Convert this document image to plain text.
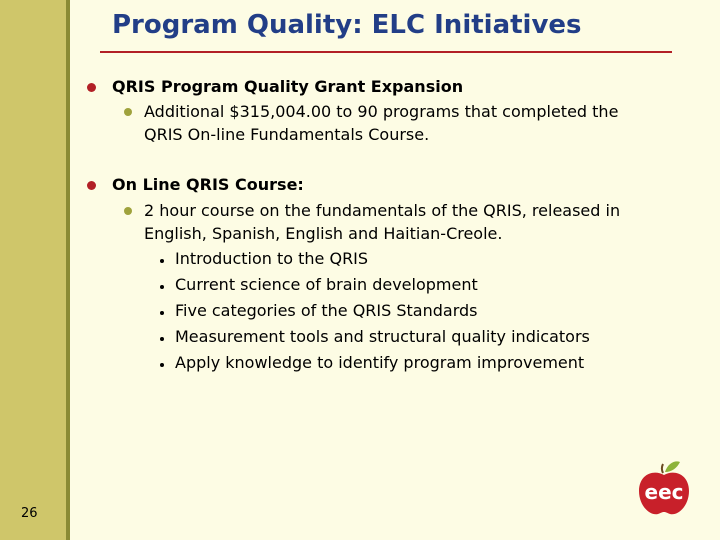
Program Quality: ELC Initiatives
QRIS Program Quality Grant Expansion
Additional $315,004.00 to 90 programs that completed the
QRIS On-line Fundamentals Course.
On Line QRIS Course:
2 hour course on the fundamentals of the QRIS, released in
English, Spanish, English and Haitian-Creole.
Introduction to the QRIS
Current science of brain development
Five categories of the QRIS Standards
Measurement tools and structural quality indicators
Apply knowledge to identify program improvement
26
eec
